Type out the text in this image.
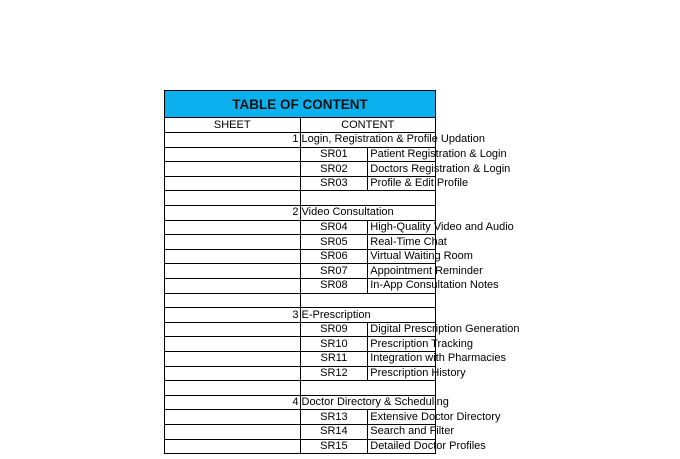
TABLE OF CONTENT
SHEET	CONTENT	
1	Login, Registration & Profile Updation	
	SR01	Patient Registration & Login
	SR02	Doctors Registration & Login
	SR03	Profile & Edit Profile

2	Video Consultation	
	SR04	High-Quality Video and Audio
	SR05	Real-Time Chat
	SR06	Virtual Waiting Room
	SR07	Appointment Reminder
	SR08	In-App Consultation Notes

3	E-Prescription	
	SR09	Digital Prescription Generation
	SR10	Prescription Tracking
	SR11	Integration with Pharmacies
	SR12	Prescription History

4	Doctor Directory & Scheduling	
	SR13	Extensive Doctor Directory
	SR14	Search and Filter
	SR15	Detailed Doctor Profiles
